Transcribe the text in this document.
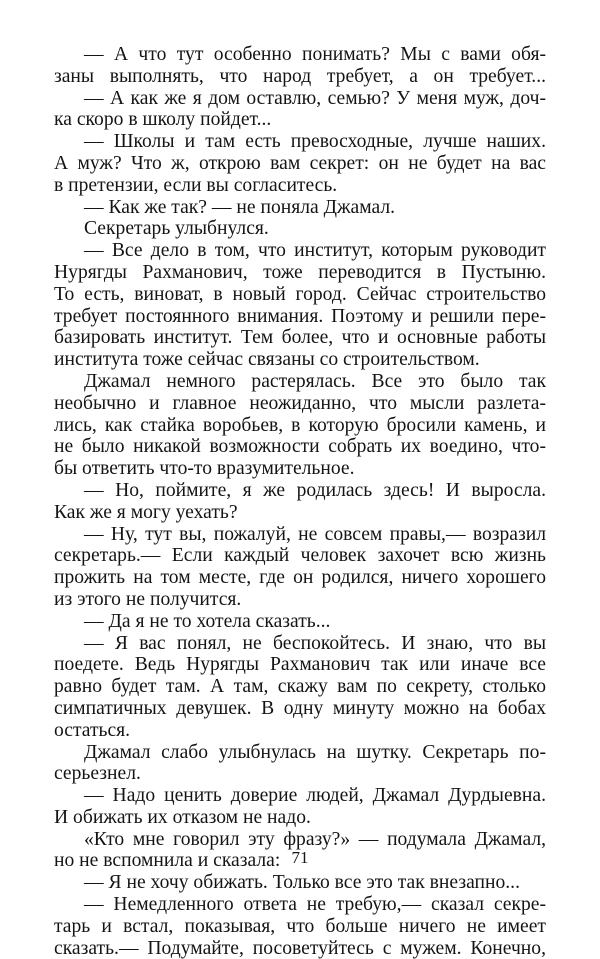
— А что тут особенно понимать? Мы с вами обя-
заны выполнять, что народ требует, а он требует...
— А как же я дом оставлю, семью? У меня муж, доч-
ка скоро в школу пойдет...
— Школы и там есть превосходные, лучше наших.
А муж? Что ж, открою вам секрет: он не будет на вас
в претензии, если вы согласитесь.
— Как же так? — не поняла Джамал.
Секретарь улыбнулся.
— Все дело в том, что институт, которым руководит
Нурягды Рахманович, тоже переводится в Пустыню.
То есть, виноват, в новый город. Сейчас строительство
требует постоянного внимания. Поэтому и решили пере-
базировать институт. Тем более, что и основные работы
института тоже сейчас связаны со строительством.
Джамал немного растерялась. Все это было так
необычно и главное неожиданно, что мысли разлета-
лись, как стайка воробьев, в которую бросили камень, и
не было никакой возможности собрать их воедино, что-
бы ответить что-то вразумительное.
— Но, поймите, я же родилась здесь! И выросла.
Как же я могу уехать?
— Ну, тут вы, пожалуй, не совсем правы,— возразил
секретарь.— Если каждый человек захочет всю жизнь
прожить на том месте, где он родился, ничего хорошего
из этого не получится.
— Да я не то хотела сказать...
— Я вас понял, не беспокойтесь. И знаю, что вы
поедете. Ведь Нурягды Рахманович так или иначе все
равно будет там. А там, скажу вам по секрету, столько
симпатичных девушек. В одну минуту можно на бобах
остаться.
Джамал слабо улыбнулась на шутку. Секретарь по-
серьезнел.
— Надо ценить доверие людей, Джамал Дурдыевна.
И обижать их отказом не надо.
«Кто мне говорил эту фразу?» — подумала Джамал,
но не вспомнила и сказала:
— Я не хочу обижать. Только все это так внезапно...
— Немедленного ответа не требую,— сказал секре-
тарь и встал, показывая, что больше ничего не имеет
сказать.— Подумайте, посоветуйтесь с мужем. Конечно,
71
